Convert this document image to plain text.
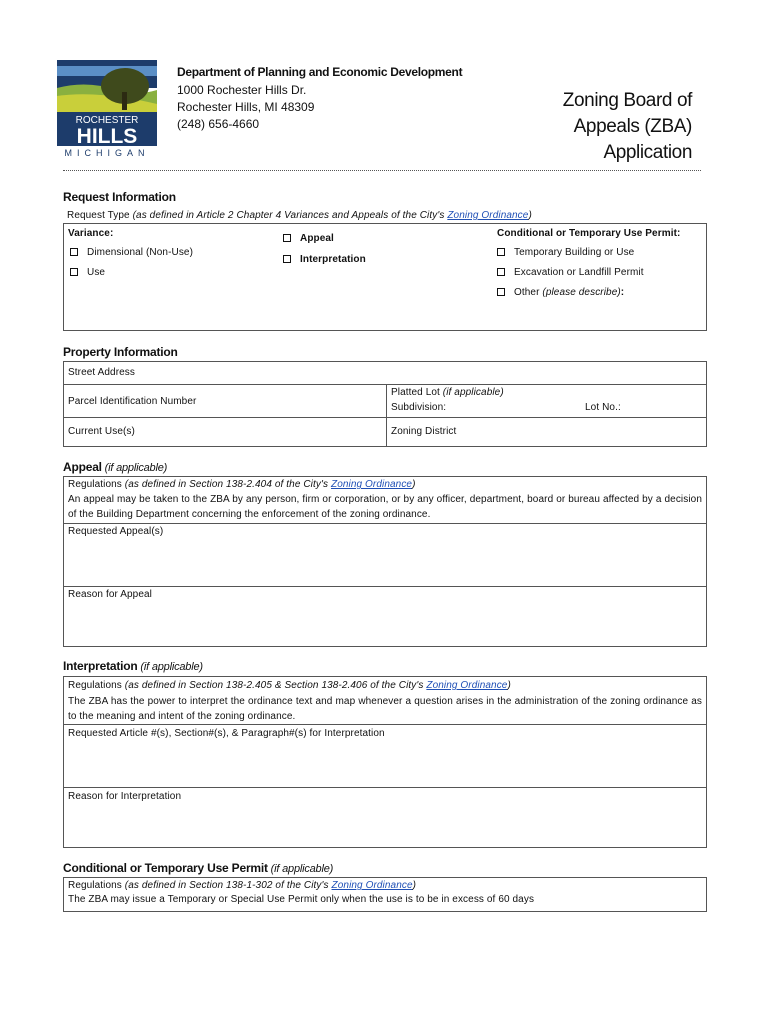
ROCHESTER
HILLS
MICHIGAN
Department of Planning and Economic Development
1000 Rochester Hills Dr.
Rochester Hills, MI 48309
(248) 656-4660
Zoning Board of
Appeals (ZBA)
Application
Request Information
Request Type (as defined in Article 2 Chapter 4 Variances and Appeals of the City's Zoning Ordinance)
Variance:
Dimensional (Non-Use)
Use
Appeal
Interpretation
Conditional or Temporary Use Permit:
Temporary Building or Use
Excavation or Landfill Permit
Other (please describe):
Property Information
Street Address
Parcel Identification Number
Platted Lot (if applicable)
Subdivision:	Lot No.:
Current Use(s)	Zoning District
Appeal (if applicable)
Regulations (as defined in Section 138-2.404 of the City's Zoning Ordinance)
An appeal may be taken to the ZBA by any person, firm or corporation, or by any officer, department, board or bureau affected by a decision of the Building Department concerning the enforcement of the zoning ordinance.
Requested Appeal(s)
Reason for Appeal
Interpretation (if applicable)
Regulations (as defined in Section 138-2.405 & Section 138-2.406 of the City's Zoning Ordinance)
The ZBA has the power to interpret the ordinance text and map whenever a question arises in the administration of the zoning ordinance as to the meaning and intent of the zoning ordinance.
Requested Article #(s), Section#(s), & Paragraph#(s) for Interpretation
Reason for Interpretation
Conditional or Temporary Use Permit (if applicable)
Regulations (as defined in Section 138-1-302 of the City's Zoning Ordinance)
The ZBA may issue a Temporary or Special Use Permit only when the use is to be in excess of 60 days
